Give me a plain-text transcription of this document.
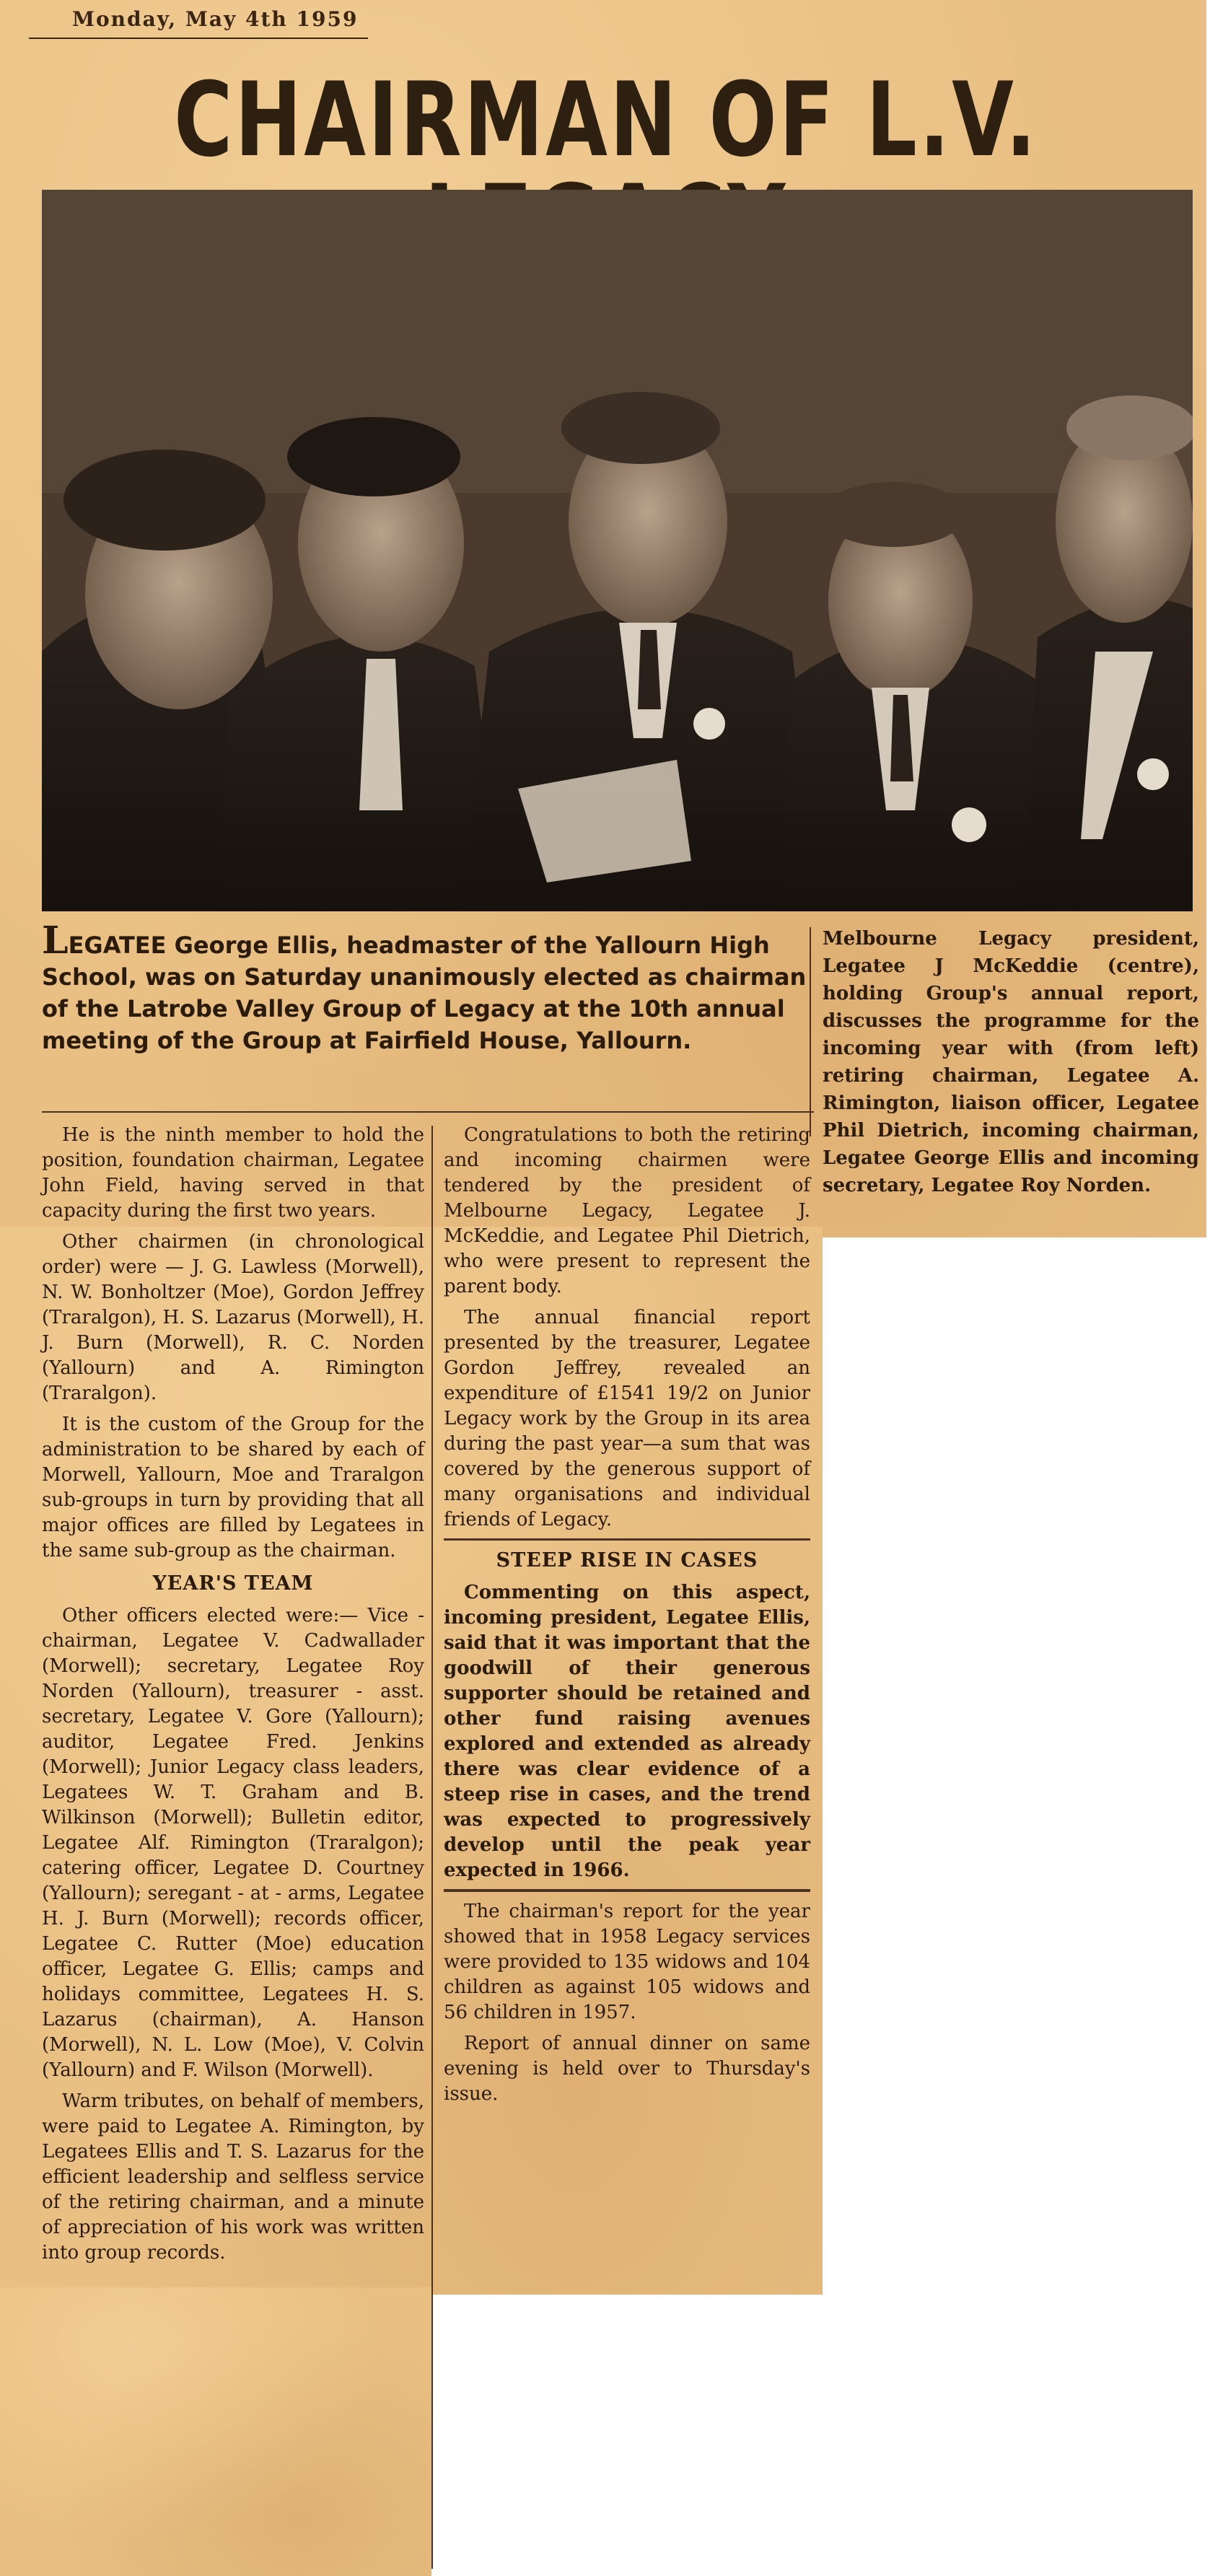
Monday, May 4th 1959
CHAIRMAN OF L.V.
LEGATEE George Ellis, headmaster of the Yallourn High School, was on Saturday unanimously elected as chairman of the Latrobe Valley Group of Legacy at the 10th annual meeting of the Group at Fairfield House, Yallourn.
Melbourne Legacy president, Legatee J McKeddie (centre), holding Group's annual report, discusses the programme for the incoming year with (from left) retiring chairman, Legatee A. Rimington, liaison officer, Legatee Phil Dietrich, incoming chairman, Legatee George Ellis and incoming secretary, Legatee Roy Norden.

He is the ninth member to hold the position, foundation chairman, Legatee John Field, having served in that capacity during the first two years.

Other chairmen (in chronological order) were — J. G. Lawless (Morwell), N. W. Bonholtzer (Moe), Gordon Jeffrey (Traralgon), H. S. Lazarus (Morwell), H. J. Burn (Morwell), R. C. Norden (Yallourn) and A. Rimington (Traralgon).

It is the custom of the Group for the administration to be shared by each of Morwell, Yallourn, Moe and Traralgon sub-groups in turn by providing that all major offices are filled by Legatees in the same sub-group as the chairman.

YEAR'S TEAM

Other officers elected were:— Vice - chairman, Legatee V. Cadwallader (Morwell); secretary, Legatee Roy Norden (Yallourn), treasurer - asst. secretary, Legatee V. Gore (Yallourn); auditor, Legatee Fred. Jenkins (Morwell); Junior Legacy class leaders, Legatees W. T. Graham and B. Wilkinson (Morwell); Bulletin editor, Legatee Alf. Rimington (Traralgon); catering officer, Legatee D. Courtney (Yallourn); seregant - at - arms, Legatee H. J. Burn (Morwell); records officer, Legatee C. Rutter (Moe) education officer, Legatee G. Ellis; camps and holidays committee, Legatees H. S. Lazarus (chairman), A. Hanson (Morwell), N. L. Low (Moe), V. Colvin (Yallourn) and F. Wilson (Morwell).

Warm tributes, on behalf of members, were paid to Legatee A. Rimington, by Legatees Ellis and T. S. Lazarus for the efficient leadership and selfless service of the retiring chairman, and a minute of appreciation of his work was written into group records.

Congratulations to both the retiring and incoming chairmen were tendered by the president of Melbourne Legacy, Legatee J. McKeddie, and Legatee Phil Dietrich, who were present to represent the parent body.

The annual financial report presented by the treasurer, Legatee Gordon Jeffrey, revealed an expenditure of £1541 19/2 on Junior Legacy work by the Group in its area during the past year—a sum that was covered by the generous support of many organisations and individual friends of Legacy.

STEEP RISE IN CASES

Commenting on this aspect, incoming president, Legatee Ellis, said that it was important that the goodwill of their generous supporter should be retained and other fund raising avenues explored and extended as already there was clear evidence of a steep rise in cases, and the trend was expected to progressively develop until the peak year expected in 1966.

The chairman's report for the year showed that in 1958 Legacy services were provided to 135 widows and 104 children as against 105 widows and 56 children in 1957.

Report of annual dinner on same evening is held over to Thursday's issue.
